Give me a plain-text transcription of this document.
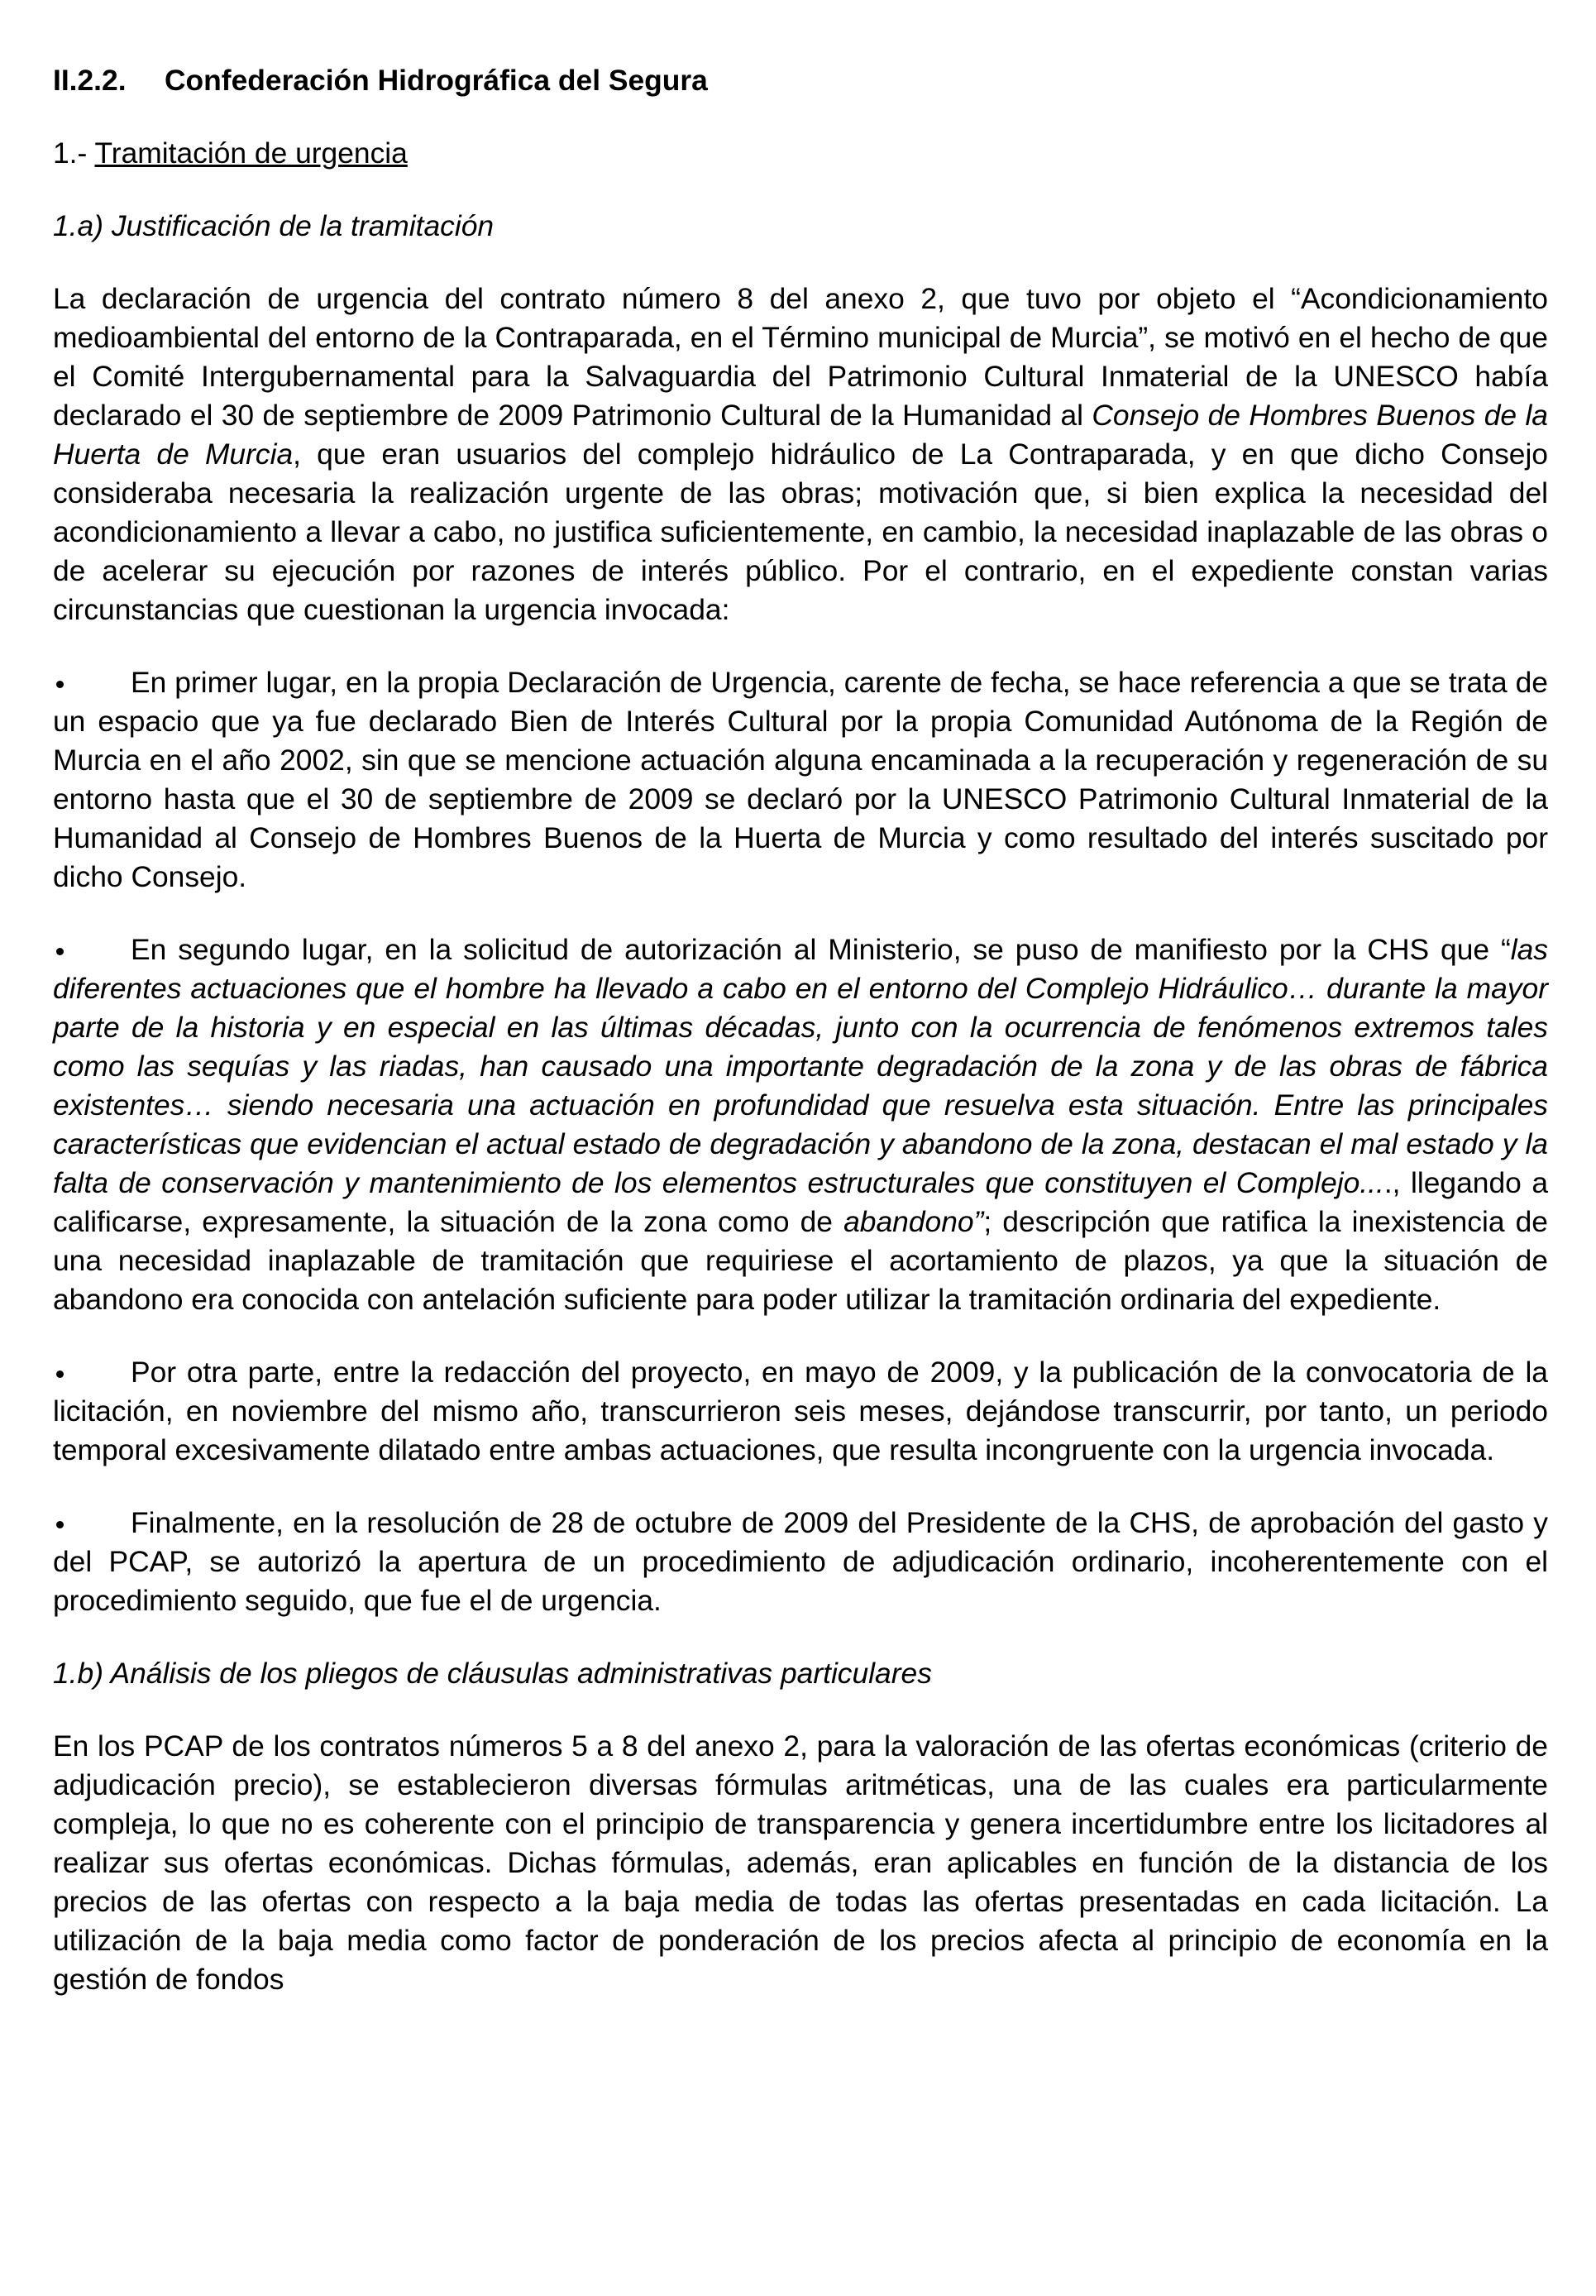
II.2.2. Confederación Hidrográfica del Segura
1.- Tramitación de urgencia
1.a) Justificación de la tramitación

La declaración de urgencia del contrato número 8 del anexo 2, que tuvo por objeto el “Acondicionamiento medioambiental del entorno de la Contraparada, en el Término municipal de Murcia”, se motivó en el hecho de que el Comité Intergubernamental para la Salvaguardia del Patrimonio Cultural Inmaterial de la UNESCO había declarado el 30 de septiembre de 2009 Patrimonio Cultural de la Humanidad al Consejo de Hombres Buenos de la Huerta de Murcia, que eran usuarios del complejo hidráulico de La Contraparada, y en que dicho Consejo consideraba necesaria la realización urgente de las obras; motivación que, si bien explica la necesidad del acondicionamiento a llevar a cabo, no justifica suficientemente, en cambio, la necesidad inaplazable de las obras o de acelerar su ejecución por razones de interés público. Por el contrario, en el expediente constan varias circunstancias que cuestionan la urgencia invocada:

En primer lugar, en la propia Declaración de Urgencia, carente de fecha, se hace referencia a que se trata de un espacio que ya fue declarado Bien de Interés Cultural por la propia Comunidad Autónoma de la Región de Murcia en el año 2002, sin que se mencione actuación alguna encaminada a la recuperación y regeneración de su entorno hasta que el 30 de septiembre de 2009 se declaró por la UNESCO Patrimonio Cultural Inmaterial de la Humanidad al Consejo de Hombres Buenos de la Huerta de Murcia y como resultado del interés suscitado por dicho Consejo.

En segundo lugar, en la solicitud de autorización al Ministerio, se puso de manifiesto por la CHS que “las diferentes actuaciones que el hombre ha llevado a cabo en el entorno del Complejo Hidráulico… durante la mayor parte de la historia y en especial en las últimas décadas, junto con la ocurrencia de fenómenos extremos tales como las sequías y las riadas, han causado una importante degradación de la zona y de las obras de fábrica existentes… siendo necesaria una actuación en profundidad que resuelva esta situación. Entre las principales características que evidencian el actual estado de degradación y abandono de la zona, destacan el mal estado y la falta de conservación y mantenimiento de los elementos estructurales que constituyen el Complejo...., llegando a calificarse, expresamente, la situación de la zona como de abandono”; descripción que ratifica la inexistencia de una necesidad inaplazable de tramitación que requiriese el acortamiento de plazos, ya que la situación de abandono era conocida con antelación suficiente para poder utilizar la tramitación ordinaria del expediente.

Por otra parte, entre la redacción del proyecto, en mayo de 2009, y la publicación de la convocatoria de la licitación, en noviembre del mismo año, transcurrieron seis meses, dejándose transcurrir, por tanto, un periodo temporal excesivamente dilatado entre ambas actuaciones, que resulta incongruente con la urgencia invocada.

Finalmente, en la resolución de 28 de octubre de 2009 del Presidente de la CHS, de aprobación del gasto y del PCAP, se autorizó la apertura de un procedimiento de adjudicación ordinario, incoherentemente con el procedimiento seguido, que fue el de urgencia.

1.b) Análisis de los pliegos de cláusulas administrativas particulares

En los PCAP de los contratos números 5 a 8 del anexo 2, para la valoración de las ofertas económicas (criterio de adjudicación precio), se establecieron diversas fórmulas aritméticas, una de las cuales era particularmente compleja, lo que no es coherente con el principio de transparencia y genera incertidumbre entre los licitadores al realizar sus ofertas económicas. Dichas fórmulas, además, eran aplicables en función de la distancia de los precios de las ofertas con respecto a la baja media de todas las ofertas presentadas en cada licitación. La utilización de la baja media como factor de ponderación de los precios afecta al principio de economía en la gestión de fondos
